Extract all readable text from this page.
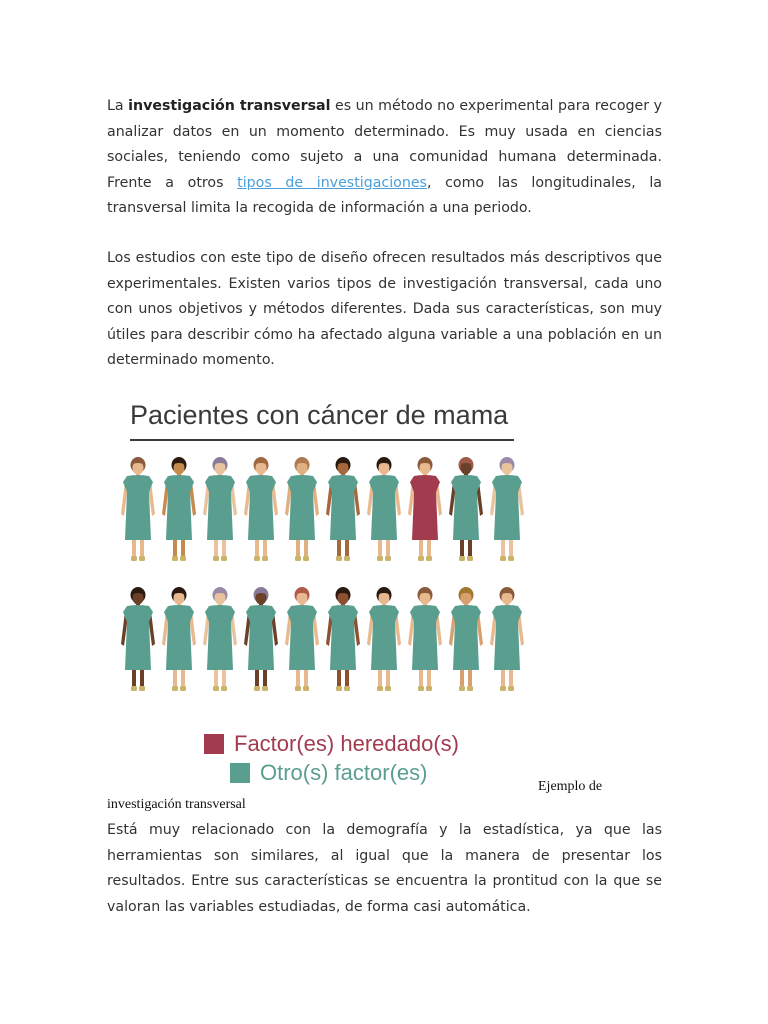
La investigación transversal es un método no experimental para recoger y analizar datos en un momento determinado. Es muy usada en ciencias sociales, teniendo como sujeto a una comunidad humana determinada. Frente a otros tipos de investigaciones, como las longitudinales, la transversal limita la recogida de información a una periodo.

Los estudios con este tipo de diseño ofrecen resultados más descriptivos que experimentales. Existen varios tipos de investigación transversal, cada uno con unos objetivos y métodos diferentes. Dada sus características, son muy útiles para describir cómo ha afectado alguna variable a una población en un determinado momento.

Pacientes con cáncer de mama
Factor(es) heredado(s)
Otro(s) factor(es)
Ejemplo de
investigación transversal

Está muy relacionado con la demografía y la estadística, ya que las herramientas son similares, al igual que la manera de presentar los resultados. Entre sus características se encuentra la prontitud con la que se valoran las variables estudiadas, de forma casi automática.
